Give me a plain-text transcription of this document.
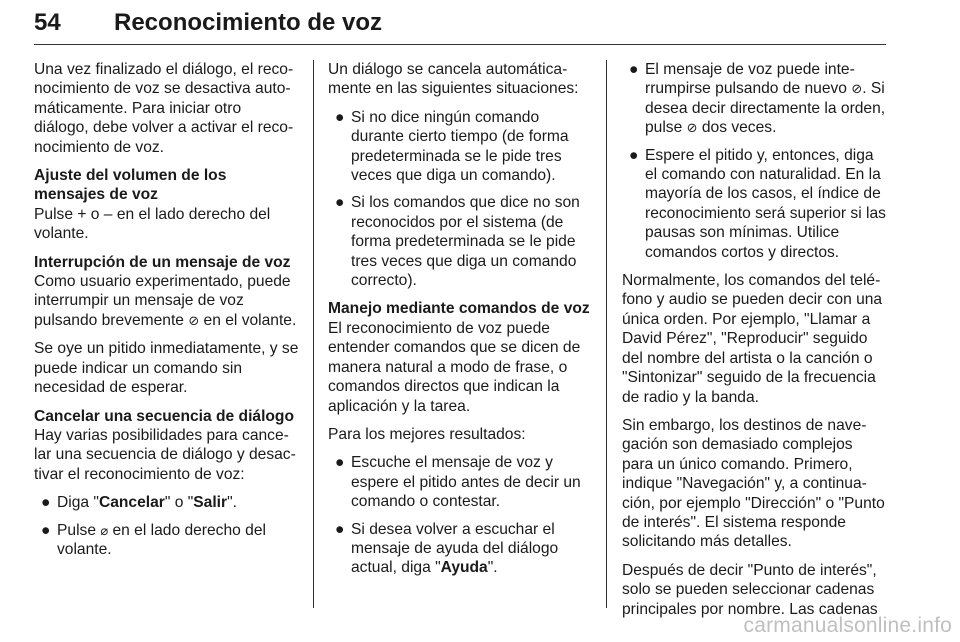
54 Reconocimiento de voz

Una vez finalizado el diálogo, el reconocimiento de voz se desactiva automáticamente. Para iniciar otro diálogo, debe volver a activar el reconocimiento de voz.

Ajuste del volumen de los mensajes de voz

Pulse + o – en el lado derecho del volante.

Interrupción de un mensaje de voz

Como usuario experimentado, puede interrumpir un mensaje de voz pulsando brevemente ⊘ en el volante.

Se oye un pitido inmediatamente, y se puede indicar un comando sin necesidad de esperar.

Cancelar una secuencia de diálogo

Hay varias posibilidades para cancelar una secuencia de diálogo y desactivar el reconocimiento de voz:

● Diga "Cancelar" o "Salir".
● Pulse ⌀ en el lado derecho del volante.

Un diálogo se cancela automáticamente en las siguientes situaciones:

● Si no dice ningún comando durante cierto tiempo (de forma predeterminada se le pide tres veces que diga un comando).
● Si los comandos que dice no son reconocidos por el sistema (de forma predeterminada se le pide tres veces que diga un comando correcto).

Manejo mediante comandos de voz

El reconocimiento de voz puede entender comandos que se dicen de manera natural a modo de frase, o comandos directos que indican la aplicación y la tarea.

Para los mejores resultados:

● Escuche el mensaje de voz y espere el pitido antes de decir un comando o contestar.
● Si desea volver a escuchar el mensaje de ayuda del diálogo actual, diga "Ayuda".
● El mensaje de voz puede interrumpirse pulsando de nuevo ⊘. Si desea decir directamente la orden, pulse ⊘ dos veces.
● Espere el pitido y, entonces, diga el comando con naturalidad. En la mayoría de los casos, el índice de reconocimiento será superior si las pausas son mínimas. Utilice comandos cortos y directos.

Normalmente, los comandos del teléfono y audio se pueden decir con una única orden. Por ejemplo, "Llamar a David Pérez", "Reproducir" seguido del nombre del artista o la canción o "Sintonizar" seguido de la frecuencia de radio y la banda.

Sin embargo, los destinos de navegación son demasiado complejos para un único comando. Primero, indique "Navegación" y, a continuación, por ejemplo "Dirección" o "Punto de interés". El sistema responde solicitando más detalles.

Después de decir "Punto de interés", solo se pueden seleccionar cadenas principales por nombre. Las cadenas

carmanualsonline.info
